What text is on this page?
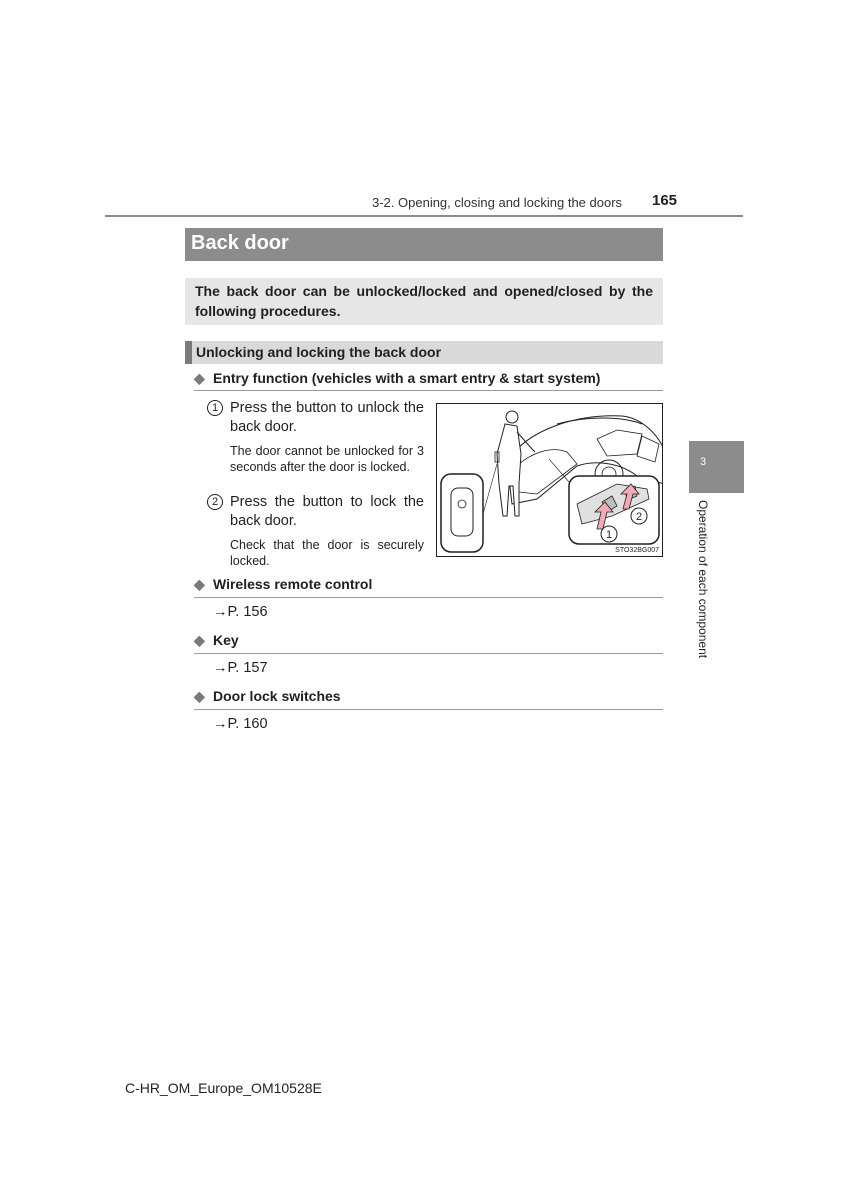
3-2. Opening, closing and locking the doors 165
Back door

The back door can be unlocked/locked and opened/closed by the following procedures.

Unlocking and locking the back door
◆ Entry function (vehicles with a smart entry & start system)
1 Press the button to unlock the back door.
The door cannot be unlocked for 3 seconds after the door is locked.
2 Press the button to lock the back door.
Check that the door is securely locked.
1
2
STO32BG007
◆ Wireless remote control
→P. 156
◆ Key
→P. 157
◆ Door lock switches
→P. 160
3
Operation of each component
C-HR_OM_Europe_OM10528E
